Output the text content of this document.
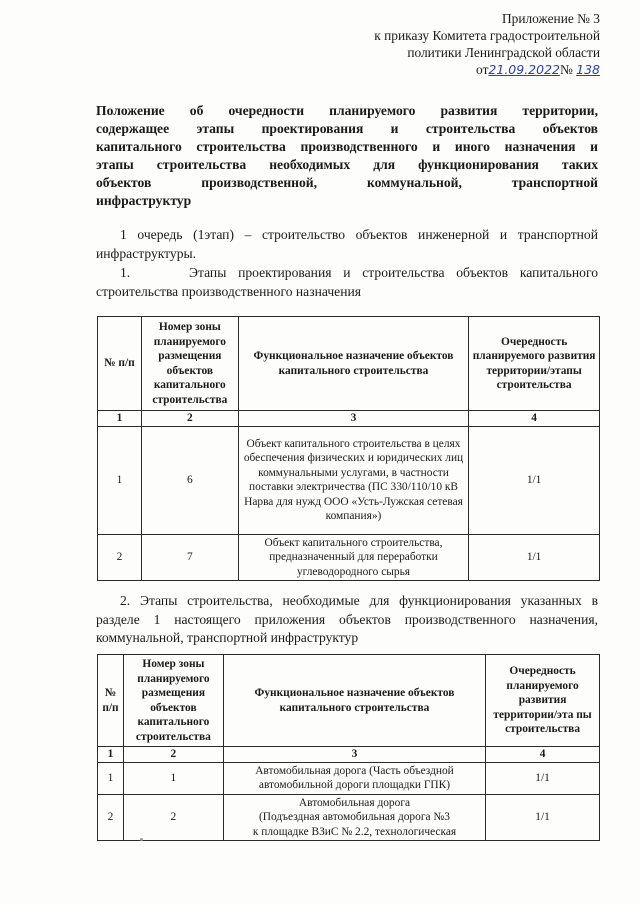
Приложение № 3
к приказу Комитета градостроительной
политики Ленинградской области
от21.09.2022№ 138
Положение об очередности планируемого развития территории,
содержащее этапы проектирования и строительства объектов
капитального строительства производственного и иного назначения и
этапы строительства необходимых для функционирования таких
объектов производственной, коммунальной, транспортной
инфраструктур
1 очередь (1этап) – строительство объектов инженерной и транспортной инфраструктуры.
1.     Этапы проектирования и строительства объектов капитального строительства производственного назначения
№ п/п	Номер зоны планируемого размещения объектов капитального строительства	Функциональное назначение объектов капитального строительства	Очередность планируемого развития территории/этапы строительства
1	2	3	4
1	6	Объект капитального строительства в целях обеспечения физических и юридических лиц коммунальными услугами, в частности поставки электричества (ПС 330/110/10 кВ Нарва для нужд ООО «Усть-Лужская сетевая компания»)	1/1
2	7	Объект капитального строительства, предназначенный для переработки углеводородного сырья	1/1
2. Этапы строительства, необходимые для функционирования указанных в разделе 1 настоящего приложения объектов производственного назначения, коммунальной, транспортной инфраструктур
№ п/п	Номер зоны планируемого размещения объектов капитального строительства	Функциональное назначение объектов капитального строительства	Очередность планируемого развития территории/эта пы строительства
1	2	3	4
1	1	Автомобильная дорога (Часть объездной автомобильной дороги площадки ГПК)	1/1
2	2	Автомобильная дорога
(Подъездная автомобильная дорога №3
к площадке ВЗиС № 2.2, технологическая	1/1
